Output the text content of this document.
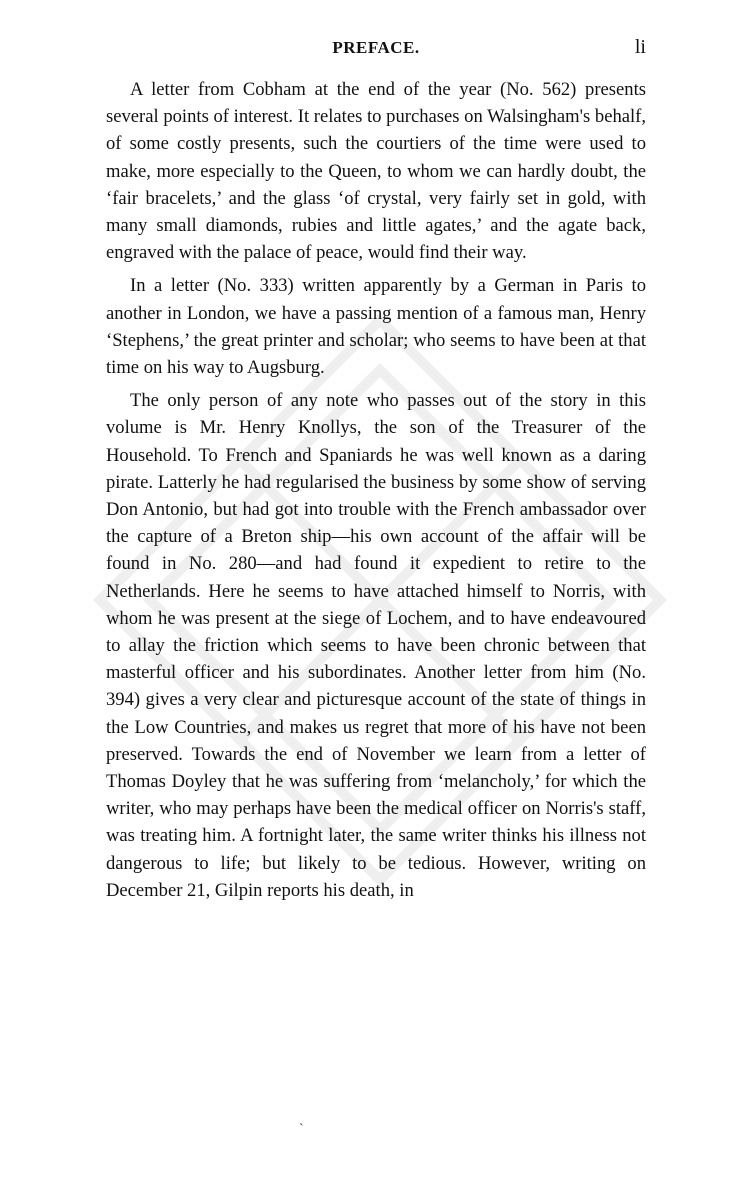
PREFACE.	li

A letter from Cobham at the end of the year (No. 562) presents several points of interest. It relates to purchases on Walsingham's behalf, of some costly presents, such the courtiers of the time were used to make, more especially to the Queen, to whom we can hardly doubt, the ‘fair bracelets,’ and the glass ‘of crystal, very fairly set in gold, with many small diamonds, rubies and little agates,’ and the agate back, engraved with the palace of peace, would find their way.

In a letter (No. 333) written apparently by a German in Paris to another in London, we have a passing mention of a famous man, Henry ‘Stephens,’ the great printer and scholar; who seems to have been at that time on his way to Augsburg.

The only person of any note who passes out of the story in this volume is Mr. Henry Knollys, the son of the Treasurer of the Household. To French and Spaniards he was well known as a daring pirate. Latterly he had regularised the business by some show of serving Don Antonio, but had got into trouble with the French ambassador over the capture of a Breton ship—his own account of the affair will be found in No. 280—and had found it expedient to retire to the Netherlands. Here he seems to have attached himself to Norris, with whom he was present at the siege of Lochem, and to have endeavoured to allay the friction which seems to have been chronic between that masterful officer and his subordinates. Another letter from him (No. 394) gives a very clear and picturesque account of the state of things in the Low Countries, and makes us regret that more of his have not been preserved. Towards the end of November we learn from a letter of Thomas Doyley that he was suffering from ‘melancholy,’ for which the writer, who may perhaps have been the medical officer on Norris's staff, was treating him. A fortnight later, the same writer thinks his illness not dangerous to life; but likely to be tedious. However, writing on December 21, Gilpin reports his death, in

`
